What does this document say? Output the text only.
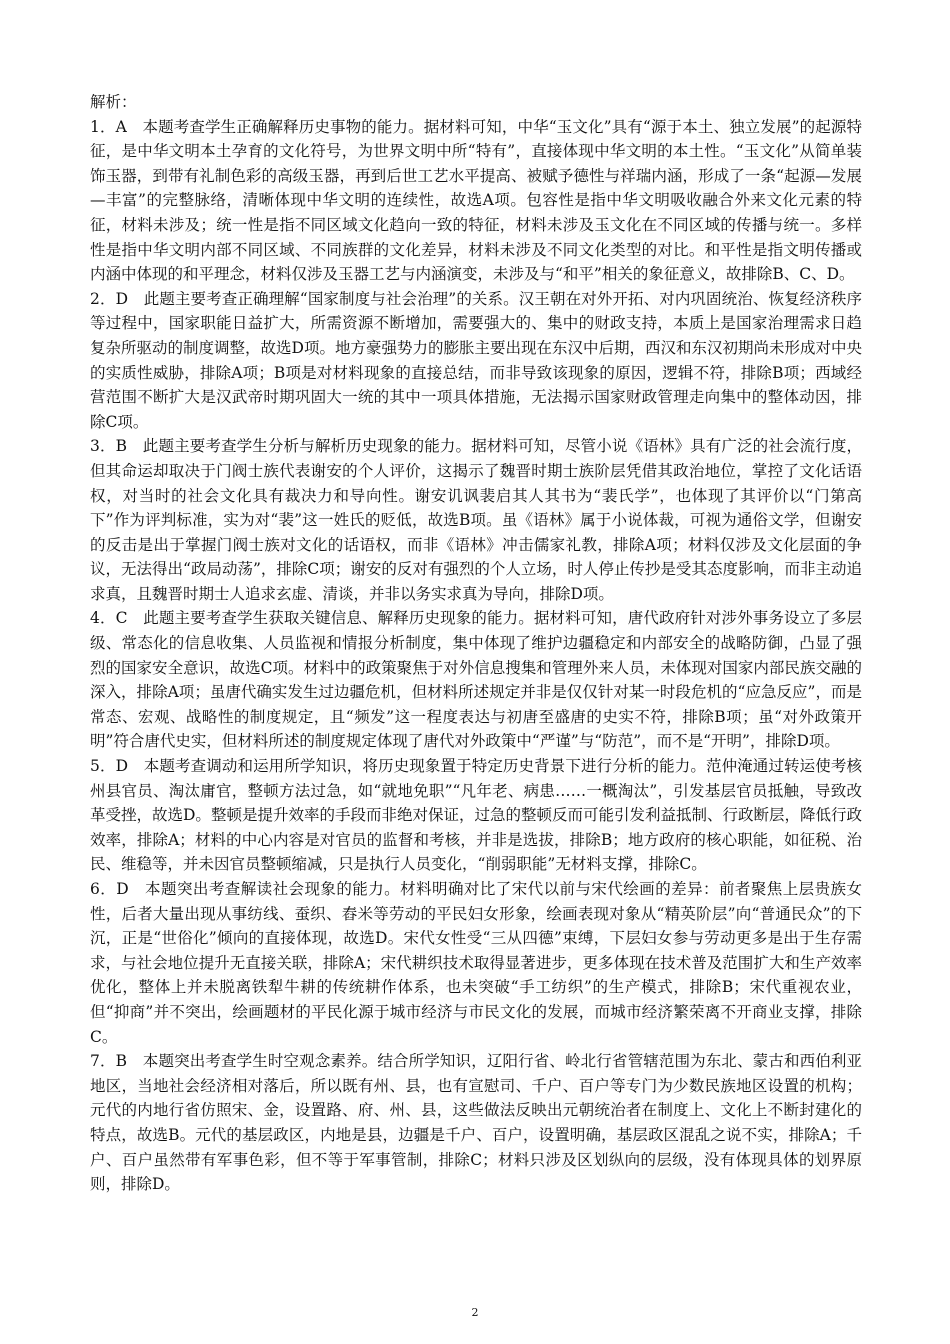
解析：

1．A　本题考查学生正确解释历史事物的能力。据材料可知，中华“玉文化”具有“源于本土、独立发展”的起源特征，是中华文明本土孕育的文化符号，为世界文明中所“特有”，直接体现中华文明的本土性。“玉文化”从简单装饰玉器，到带有礼制色彩的高级玉器，再到后世工艺水平提高、被赋予德性与祥瑞内涵，形成了一条“起源—发展—丰富”的完整脉络，清晰体现中华文明的连续性，故选A项。包容性是指中华文明吸收融合外来文化元素的特征，材料未涉及；统一性是指不同区域文化趋向一致的特征，材料未涉及玉文化在不同区域的传播与统一。多样性是指中华文明内部不同区域、不同族群的文化差异，材料未涉及不同文化类型的对比。和平性是指文明传播或内涵中体现的和平理念，材料仅涉及玉器工艺与内涵演变，未涉及与“和平”相关的象征意义，故排除B、C、D。

2．D　此题主要考查正确理解“国家制度与社会治理”的关系。汉王朝在对外开拓、对内巩固统治、恢复经济秩序等过程中，国家职能日益扩大，所需资源不断增加，需要强大的、集中的财政支持，本质上是国家治理需求日趋复杂所驱动的制度调整，故选D项。地方豪强势力的膨胀主要出现在东汉中后期，西汉和东汉初期尚未形成对中央的实质性威胁，排除A项；B项是对材料现象的直接总结，而非导致该现象的原因，逻辑不符，排除B项；西域经营范围不断扩大是汉武帝时期巩固大一统的其中一项具体措施，无法揭示国家财政管理走向集中的整体动因，排除C项。

3．B　此题主要考查学生分析与解析历史现象的能力。据材料可知，尽管小说《语林》具有广泛的社会流行度，但其命运却取决于门阀士族代表谢安的个人评价，这揭示了魏晋时期士族阶层凭借其政治地位，掌控了文化话语权，对当时的社会文化具有裁决力和导向性。谢安讥讽裴启其人其书为“裴氏学”，也体现了其评价以“门第高下”作为评判标准，实为对“裴”这一姓氏的贬低，故选B项。虽《语林》属于小说体裁，可视为通俗文学，但谢安的反击是出于掌握门阀士族对文化的话语权，而非《语林》冲击儒家礼教，排除A项；材料仅涉及文化层面的争议，无法得出“政局动荡”，排除C项；谢安的反对有强烈的个人立场，时人停止传抄是受其态度影响，而非主动追求真，且魏晋时期士人追求玄虚、清谈，并非以务实求真为导向，排除D项。

4．C　此题主要考查学生获取关键信息、解释历史现象的能力。据材料可知，唐代政府针对涉外事务设立了多层级、常态化的信息收集、人员监视和情报分析制度，集中体现了维护边疆稳定和内部安全的战略防御，凸显了强烈的国家安全意识，故选C项。材料中的政策聚焦于对外信息搜集和管理外来人员，未体现对国家内部民族交融的深入，排除A项；虽唐代确实发生过边疆危机，但材料所述规定并非是仅仅针对某一时段危机的“应急反应”，而是常态、宏观、战略性的制度规定，且“频发”这一程度表达与初唐至盛唐的史实不符，排除B项；虽“对外政策开明”符合唐代史实，但材料所述的制度规定体现了唐代对外政策中“严谨”与“防范”，而不是“开明”，排除D项。

5．D　本题考查调动和运用所学知识，将历史现象置于特定历史背景下进行分析的能力。范仲淹通过转运使考核州县官员、淘汰庸官，整顿方法过急，如“就地免职”“凡年老、病患……一概淘汰”，引发基层官员抵触，导致改革受挫，故选D。整顿是提升效率的手段而非绝对保证，过急的整顿反而可能引发利益抵制、行政断层，降低行政效率，排除A；材料的中心内容是对官员的监督和考核，并非是选拔，排除B；地方政府的核心职能，如征税、治民、维稳等，并未因官员整顿缩减，只是执行人员变化，“削弱职能”无材料支撑，排除C。

6．D　本题突出考查解读社会现象的能力。材料明确对比了宋代以前与宋代绘画的差异：前者聚焦上层贵族女性，后者大量出现从事纺线、蚕织、舂米等劳动的平民妇女形象，绘画表现对象从“精英阶层”向“普通民众”的下沉，正是“世俗化”倾向的直接体现，故选D。宋代女性受“三从四德”束缚，下层妇女参与劳动更多是出于生存需求，与社会地位提升无直接关联，排除A；宋代耕织技术取得显著进步，更多体现在技术普及范围扩大和生产效率优化，整体上并未脱离铁犁牛耕的传统耕作体系，也未突破“手工纺织”的生产模式，排除B；宋代重视农业，但“抑商”并不突出，绘画题材的平民化源于城市经济与市民文化的发展，而城市经济繁荣离不开商业支撑，排除C。

7．B　本题突出考查学生时空观念素养。结合所学知识，辽阳行省、岭北行省管辖范围为东北、蒙古和西伯利亚地区，当地社会经济相对落后，所以既有州、县，也有宣慰司、千户、百户等专门为少数民族地区设置的机构；元代的内地行省仿照宋、金，设置路、府、州、县，这些做法反映出元朝统治者在制度上、文化上不断封建化的特点，故选B。元代的基层政区，内地是县，边疆是千户、百户，设置明确，基层政区混乱之说不实，排除A；千户、百户虽然带有军事色彩，但不等于军事管制，排除C；材料只涉及区划纵向的层级，没有体现具体的划界原则，排除D。

2
